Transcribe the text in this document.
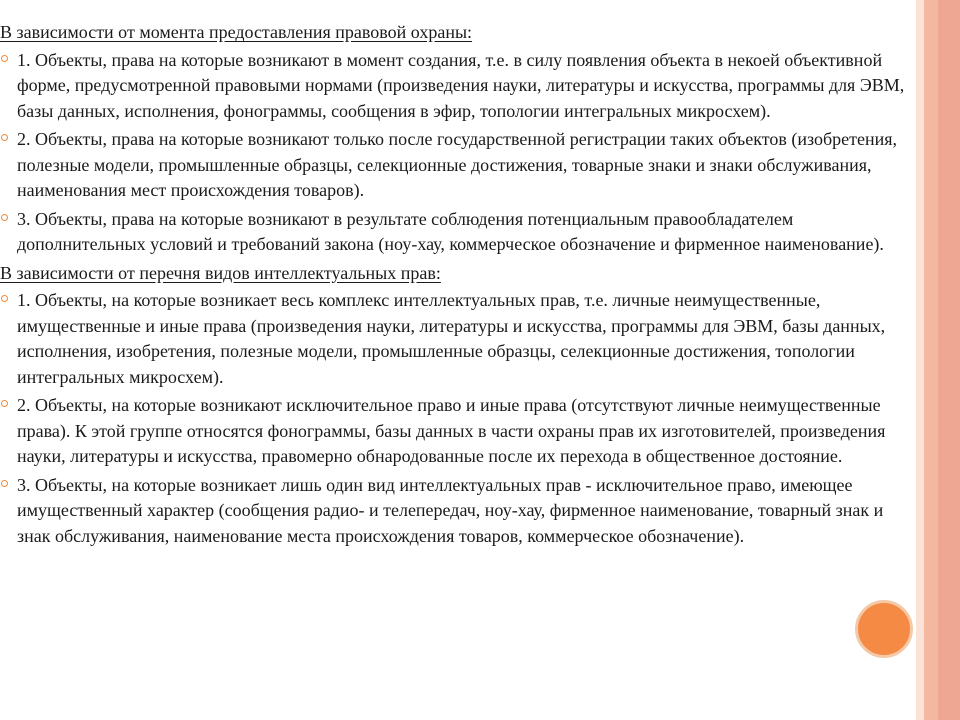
В зависимости от момента предоставления правовой охраны:
1. Объекты, права на которые возникают в момент создания, т.е. в силу появления объекта в некоей объективной форме, предусмотренной правовыми нормами (произведения науки, литературы и искусства, программы для ЭВМ, базы данных, исполнения, фонограммы, сообщения в эфир, топологии интегральных микросхем).
2. Объекты, права на которые возникают только после государственной регистрации таких объектов (изобретения, полезные модели, промышленные образцы, селекционные достижения, товарные знаки и знаки обслуживания, наименования мест происхождения товаров).
3. Объекты, права на которые возникают в результате соблюдения потенциальным правообладателем дополнительных условий и требований закона (ноу-хау, коммерческое обозначение и фирменное наименование).
В зависимости от перечня видов интеллектуальных прав:
1. Объекты, на которые возникает весь комплекс интеллектуальных прав, т.е. личные неимущественные, имущественные и иные права (произведения науки, литературы и искусства, программы для ЭВМ, базы данных, исполнения, изобретения, полезные модели, промышленные образцы, селекционные достижения, топологии интегральных микросхем).
2. Объекты, на которые возникают исключительное право и иные права (отсутствуют личные неимущественные права). К этой группе относятся фонограммы, базы данных в части охраны прав их изготовителей, произведения науки, литературы и искусства, правомерно обнародованные после их перехода в общественное достояние.
3. Объекты, на которые возникает лишь один вид интеллектуальных прав - исключительное право, имеющее имущественный характер (сообщения радио- и телепередач, ноу-хау, фирменное наименование, товарный знак и знак обслуживания, наименование места происхождения товаров, коммерческое обозначение).
